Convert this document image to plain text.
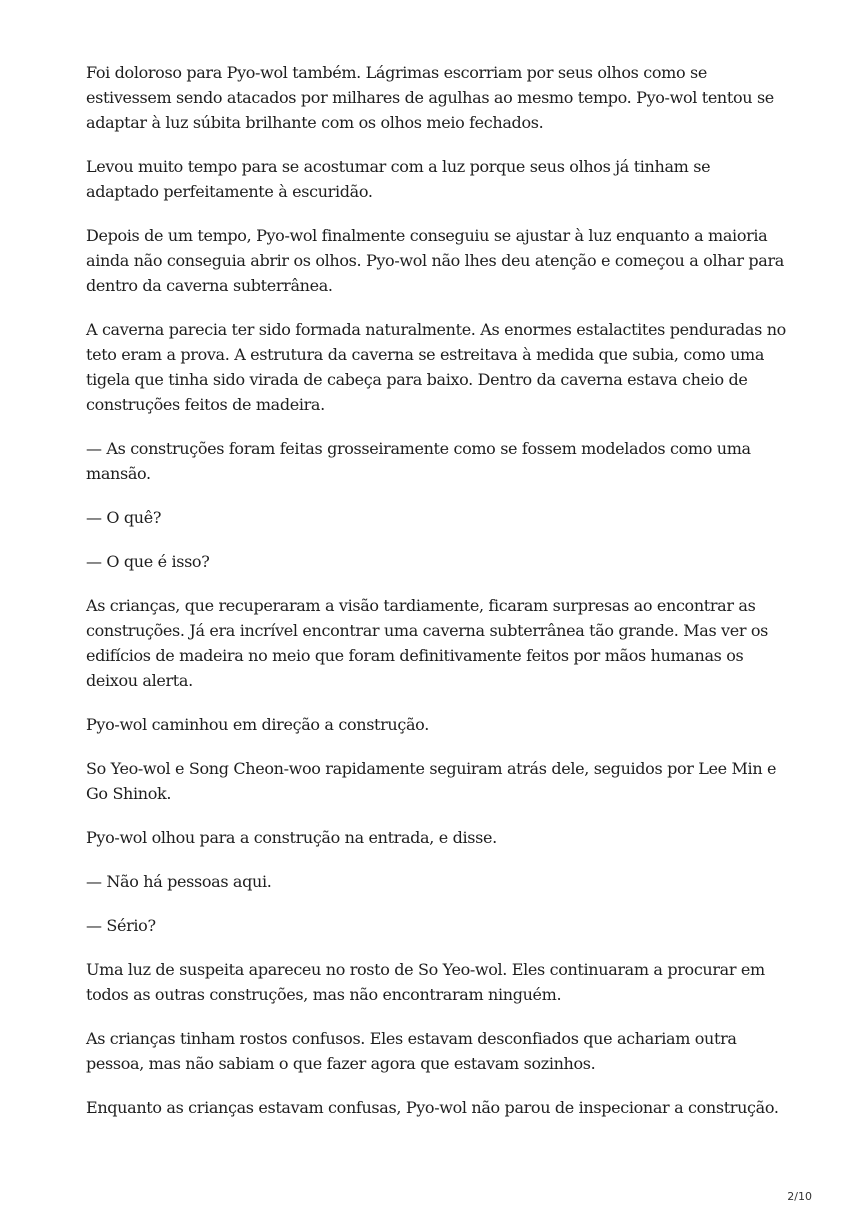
Foi doloroso para Pyo-wol também. Lágrimas escorriam por seus olhos como se estivessem sendo atacados por milhares de agulhas ao mesmo tempo. Pyo-wol tentou se adaptar à luz súbita brilhante com os olhos meio fechados.

Levou muito tempo para se acostumar com a luz porque seus olhos já tinham se adaptado perfeitamente à escuridão.

Depois de um tempo, Pyo-wol finalmente conseguiu se ajustar à luz enquanto a maioria ainda não conseguia abrir os olhos. Pyo-wol não lhes deu atenção e começou a olhar para dentro da caverna subterrânea.

A caverna parecia ter sido formada naturalmente. As enormes estalactites penduradas no teto eram a prova. A estrutura da caverna se estreitava à medida que subia, como uma tigela que tinha sido virada de cabeça para baixo. Dentro da caverna estava cheio de construções feitos de madeira.

— As construções foram feitas grosseiramente como se fossem modelados como uma mansão.

— O quê?

— O que é isso?

As crianças, que recuperaram a visão tardiamente, ficaram surpresas ao encontrar as construções. Já era incrível encontrar uma caverna subterrânea tão grande. Mas ver os edifícios de madeira no meio que foram definitivamente feitos por mãos humanas os deixou alerta.

Pyo-wol caminhou em direção a construção.

So Yeo-wol e Song Cheon-woo rapidamente seguiram atrás dele, seguidos por Lee Min e Go Shinok.

Pyo-wol olhou para a construção na entrada, e disse.

— Não há pessoas aqui.

— Sério?

Uma luz de suspeita apareceu no rosto de So Yeo-wol. Eles continuaram a procurar em todos as outras construções, mas não encontraram ninguém.

As crianças tinham rostos confusos. Eles estavam desconfiados que achariam outra pessoa, mas não sabiam o que fazer agora que estavam sozinhos.

Enquanto as crianças estavam confusas, Pyo-wol não parou de inspecionar a construção.

2/10
